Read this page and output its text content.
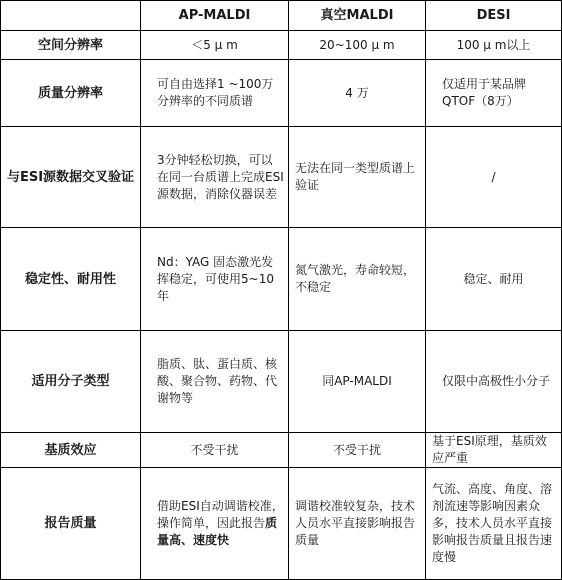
	AP-MALDI	真空MALDI	DESI
空间分辨率	＜5 μ m	20~100 μ m	100 μ m以上
质量分辨率	可自由选择1 ~100万分辨率的不同质谱	4 万	仅适用于某品牌QTOF（8万）

与ESI源数据交叉验证	3分钟轻松切换，可以在同一台质谱上完成ESI源数据，消除仪器误差	无法在同一类型质谱上验证	/
稳定性、耐用性	Nd：YAG 固态激光发挥稳定，可使用5~10年	氮气激光，寿命较短，不稳定	稳定、耐用
适用分子类型	脂质、肽、蛋白质、核酸、聚合物、药物、代谢物等	同AP-MALDI	仅限中高极性小分子

基质效应	不受干扰	不受干扰	基于ESI原理，基质效应严重

报告质量	借助ESI自动调谐校准，操作简单，因此报告质量高、速度快	调谐校准较复杂，技术人员水平直接影响报告质量	气流、高度、角度、溶剂流速等影响因素众多，技术人员水平直接影响报告质量且报告速度慢
